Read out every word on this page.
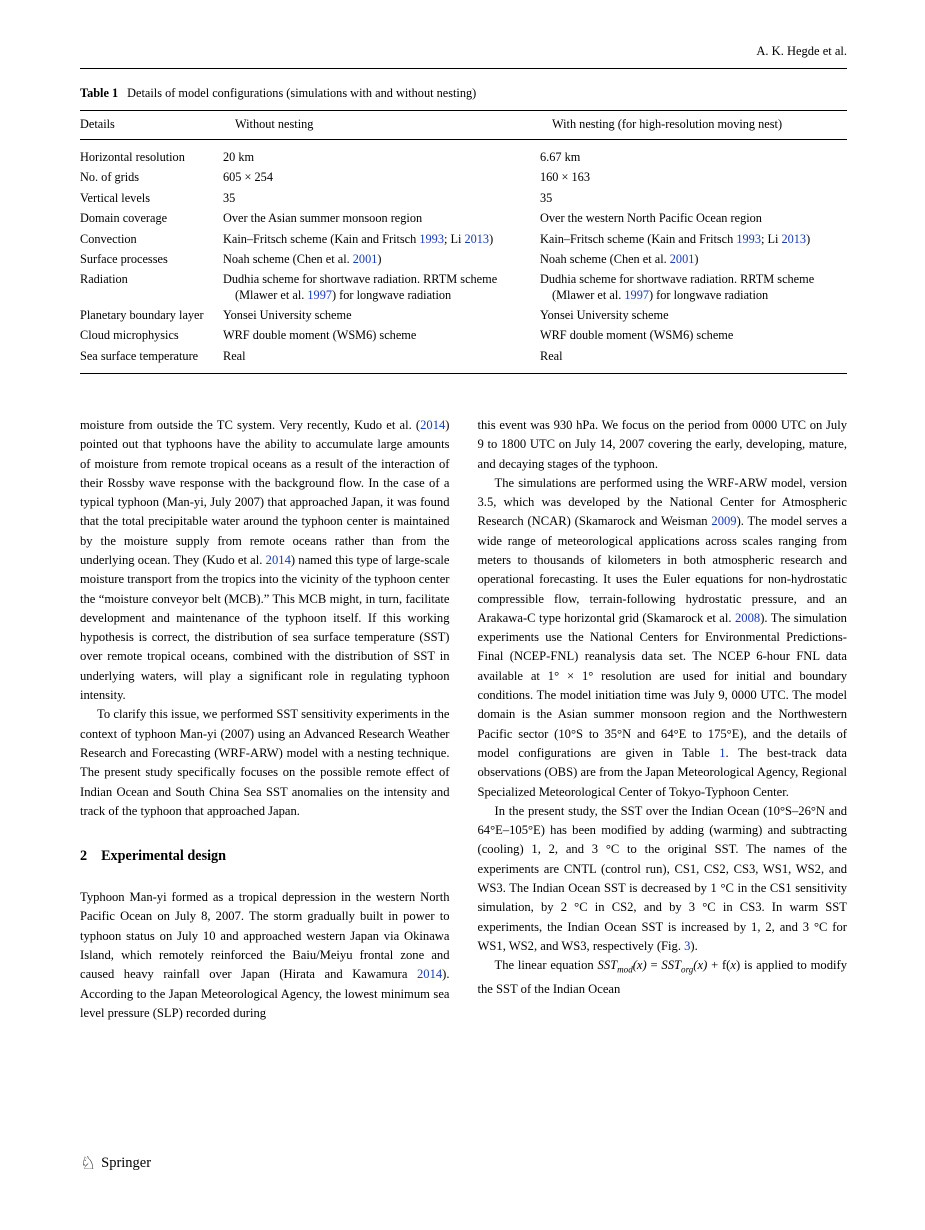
A. K. Hegde et al.
Table 1 Details of model configurations (simulations with and without nesting)
Details	Without nesting	With nesting (for high-resolution moving nest)
Horizontal resolution	20 km	6.67 km
No. of grids	605 × 254	160 × 163
Vertical levels	35	35
Domain coverage	Over the Asian summer monsoon region	Over the western North Pacific Ocean region
Convection	Kain–Fritsch scheme (Kain and Fritsch 1993; Li 2013)	Kain–Fritsch scheme (Kain and Fritsch 1993; Li 2013)
Surface processes	Noah scheme (Chen et al. 2001)	Noah scheme (Chen et al. 2001)
Radiation	Dudhia scheme for shortwave radiation. RRTM scheme (Mlawer et al. 1997) for longwave radiation	Dudhia scheme for shortwave radiation. RRTM scheme (Mlawer et al. 1997) for longwave radiation
Planetary boundary layer	Yonsei University scheme	Yonsei University scheme
Cloud microphysics	WRF double moment (WSM6) scheme	WRF double moment (WSM6) scheme
Sea surface temperature	Real	Real

moisture from outside the TC system. Very recently, Kudo et al. (2014) pointed out that typhoons have the ability to accumulate large amounts of moisture from remote tropical oceans as a result of the interaction of their Rossby wave response with the background flow. In the case of a typical typhoon (Man-yi, July 2007) that approached Japan, it was found that the total precipitable water around the typhoon center is maintained by the moisture supply from remote oceans rather than from the underlying ocean. They (Kudo et al. 2014) named this type of large-scale moisture transport from the tropics into the vicinity of the typhoon center the “moisture conveyor belt (MCB).” This MCB might, in turn, facilitate development and maintenance of the typhoon itself. If this working hypothesis is correct, the distribution of sea surface temperature (SST) over remote tropical oceans, combined with the distribution of SST in underlying waters, will play a significant role in regulating typhoon intensity.

To clarify this issue, we performed SST sensitivity experiments in the context of typhoon Man-yi (2007) using an Advanced Research Weather Research and Forecasting (WRF-ARW) model with a nesting technique. The present study specifically focuses on the possible remote effect of Indian Ocean and South China Sea SST anomalies on the intensity and track of the typhoon that approached Japan.

2 Experimental design

Typhoon Man-yi formed as a tropical depression in the western North Pacific Ocean on July 8, 2007. The storm gradually built in power to typhoon status on July 10 and approached western Japan via Okinawa Island, which remotely reinforced the Baiu/Meiyu frontal zone and caused heavy rainfall over Japan (Hirata and Kawamura 2014). According to the Japan Meteorological Agency, the lowest minimum sea level pressure (SLP) recorded during

this event was 930 hPa. We focus on the period from 0000 UTC on July 9 to 1800 UTC on July 14, 2007 covering the early, developing, mature, and decaying stages of the typhoon.

The simulations are performed using the WRF-ARW model, version 3.5, which was developed by the National Center for Atmospheric Research (NCAR) (Skamarock and Weisman 2009). The model serves a wide range of meteorological applications across scales ranging from meters to thousands of kilometers in both atmospheric research and operational forecasting. It uses the Euler equations for non-hydrostatic compressible flow, terrain-following hydrostatic pressure, and an Arakawa-C type horizontal grid (Skamarock et al. 2008). The simulation experiments use the National Centers for Environmental Predictions-Final (NCEP-FNL) reanalysis data set. The NCEP 6-hour FNL data available at 1° × 1° resolution are used for initial and boundary conditions. The model initiation time was July 9, 0000 UTC. The model domain is the Asian summer monsoon region and the Northwestern Pacific sector (10°S to 35°N and 64°E to 175°E), and the details of model configurations are given in Table 1. The best-track data observations (OBS) are from the Japan Meteorological Agency, Regional Specialized Meteorological Center of Tokyo-Typhoon Center.

In the present study, the SST over the Indian Ocean (10°S–26°N and 64°E–105°E) has been modified by adding (warming) and subtracting (cooling) 1, 2, and 3 °C to the original SST. The names of the experiments are CNTL (control run), CS1, CS2, CS3, WS1, WS2, and WS3. The Indian Ocean SST is decreased by 1 °C in the CS1 sensitivity simulation, by 2 °C in CS2, and by 3 °C in CS3. In warm SST experiments, the Indian Ocean SST is increased by 1, 2, and 3 °C for WS1, WS2, and WS3, respectively (Fig. 3).

The linear equation $SST_{mod}(x) = SST_{org}(x) + f(x)$ is applied to modify the SST of the Indian Ocean

♘ Springer
